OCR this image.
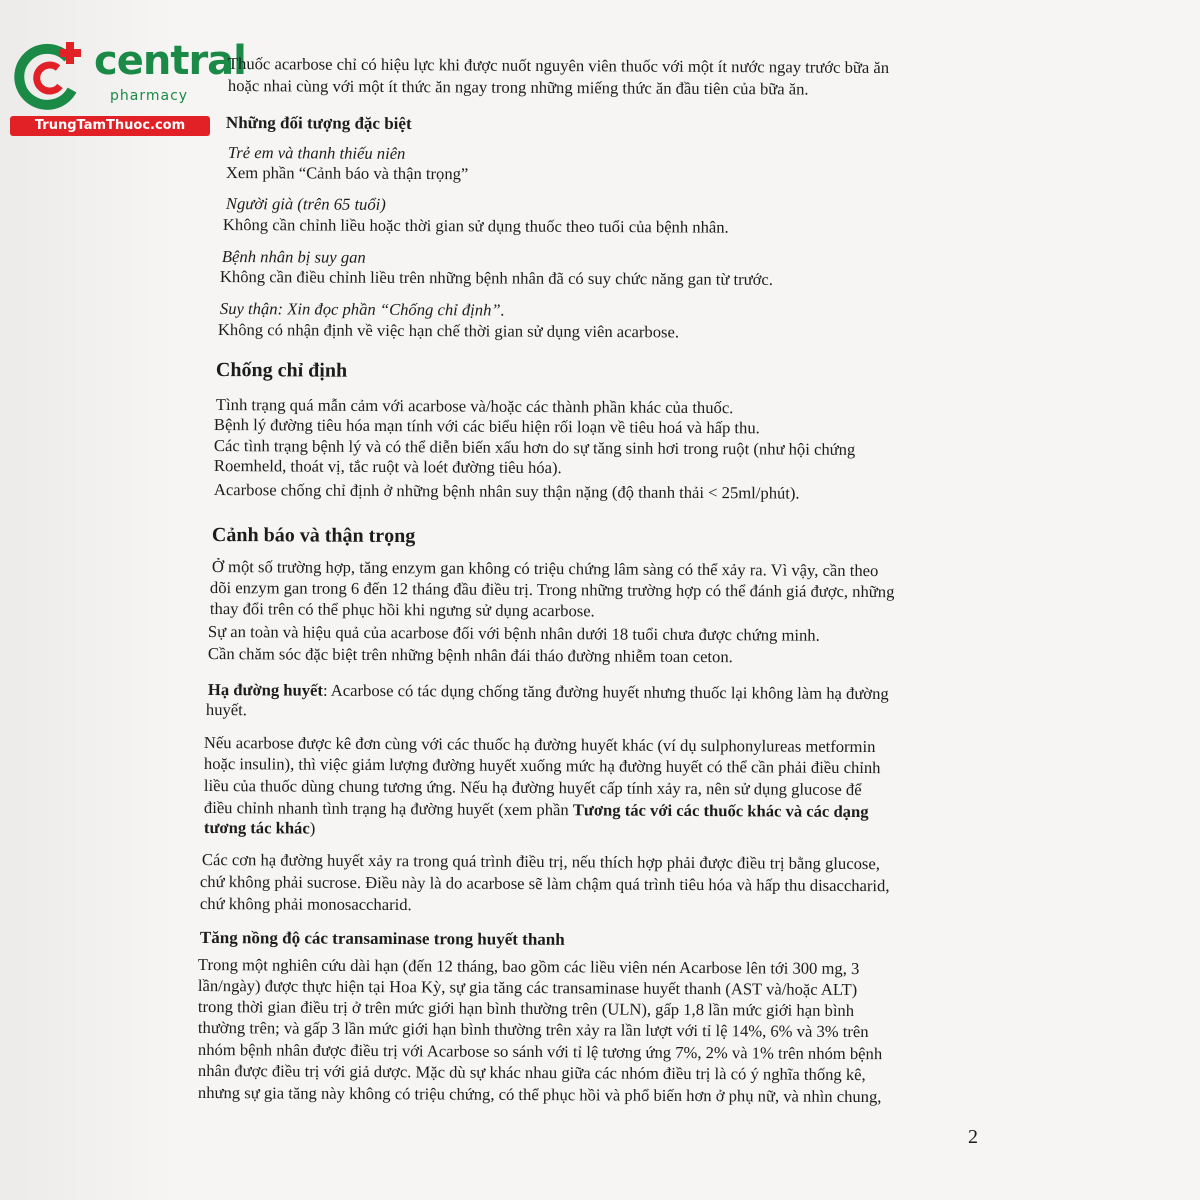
central
pharmacy
TrungTamThuoc.com
Thuốc acarbose chỉ có hiệu lực khi được nuốt nguyên viên thuốc với một ít nước ngay trước bữa ăn
hoặc nhai cùng với một ít thức ăn ngay trong những miếng thức ăn đầu tiên của bữa ăn.
Những đối tượng đặc biệt
Trẻ em và thanh thiếu niên
Xem phần “Cảnh báo và thận trọng”
Người già (trên 65 tuổi)
Không cần chỉnh liều hoặc thời gian sử dụng thuốc theo tuổi của bệnh nhân.
Bệnh nhân bị suy gan
Không cần điều chỉnh liều trên những bệnh nhân đã có suy chức năng gan từ trước.
Suy thận: Xin đọc phần “Chống chỉ định”.
Không có nhận định về việc hạn chế thời gian sử dụng viên acarbose.
Chống chỉ định
Tình trạng quá mẫn cảm với acarbose và/hoặc các thành phần khác của thuốc.
Bệnh lý đường tiêu hóa mạn tính với các biểu hiện rối loạn về tiêu hoá và hấp thu.
Các tình trạng bệnh lý và có thể diễn biến xấu hơn do sự tăng sinh hơi trong ruột (như hội chứng
Roemheld, thoát vị, tắc ruột và loét đường tiêu hóa).
Acarbose chống chỉ định ở những bệnh nhân suy thận nặng (độ thanh thải < 25ml/phút).
Cảnh báo và thận trọng
Ở một số trường hợp, tăng enzym gan không có triệu chứng lâm sàng có thể xảy ra. Vì vậy, cần theo
dõi enzym gan trong 6 đến 12 tháng đầu điều trị. Trong những trường hợp có thể đánh giá được, những
thay đổi trên có thể phục hồi khi ngưng sử dụng acarbose.
Sự an toàn và hiệu quả của acarbose đối với bệnh nhân dưới 18 tuổi chưa được chứng minh.
Cần chăm sóc đặc biệt trên những bệnh nhân đái tháo đường nhiễm toan ceton.
Hạ đường huyết: Acarbose có tác dụng chống tăng đường huyết nhưng thuốc lại không làm hạ đường
huyết.
Nếu acarbose được kê đơn cùng với các thuốc hạ đường huyết khác (ví dụ sulphonylureas metformin
hoặc insulin), thì việc giảm lượng đường huyết xuống mức hạ đường huyết có thể cần phải điều chỉnh
liều của thuốc dùng chung tương ứng. Nếu hạ đường huyết cấp tính xảy ra, nên sử dụng glucose để
điều chỉnh nhanh tình trạng hạ đường huyết (xem phần Tương tác với các thuốc khác và các dạng
tương tác khác)
Các cơn hạ đường huyết xảy ra trong quá trình điều trị, nếu thích hợp phải được điều trị bằng glucose,
chứ không phải sucrose. Điều này là do acarbose sẽ làm chậm quá trình tiêu hóa và hấp thu disaccharid,
chứ không phải monosaccharid.
Tăng nồng độ các transaminase trong huyết thanh
Trong một nghiên cứu dài hạn (đến 12 tháng, bao gồm các liều viên nén Acarbose lên tới 300 mg, 3
lần/ngày) được thực hiện tại Hoa Kỳ, sự gia tăng các transaminase huyết thanh (AST và/hoặc ALT)
trong thời gian điều trị ở trên mức giới hạn bình thường trên (ULN), gấp 1,8 lần mức giới hạn bình
thường trên; và gấp 3 lần mức giới hạn bình thường trên xảy ra lần lượt với tỉ lệ 14%, 6% và 3% trên
nhóm bệnh nhân được điều trị với Acarbose so sánh với tỉ lệ tương ứng 7%, 2% và 1% trên nhóm bệnh
nhân được điều trị với giả dược. Mặc dù sự khác nhau giữa các nhóm điều trị là có ý nghĩa thống kê,
nhưng sự gia tăng này không có triệu chứng, có thể phục hồi và phổ biến hơn ở phụ nữ, và nhìn chung,
2
